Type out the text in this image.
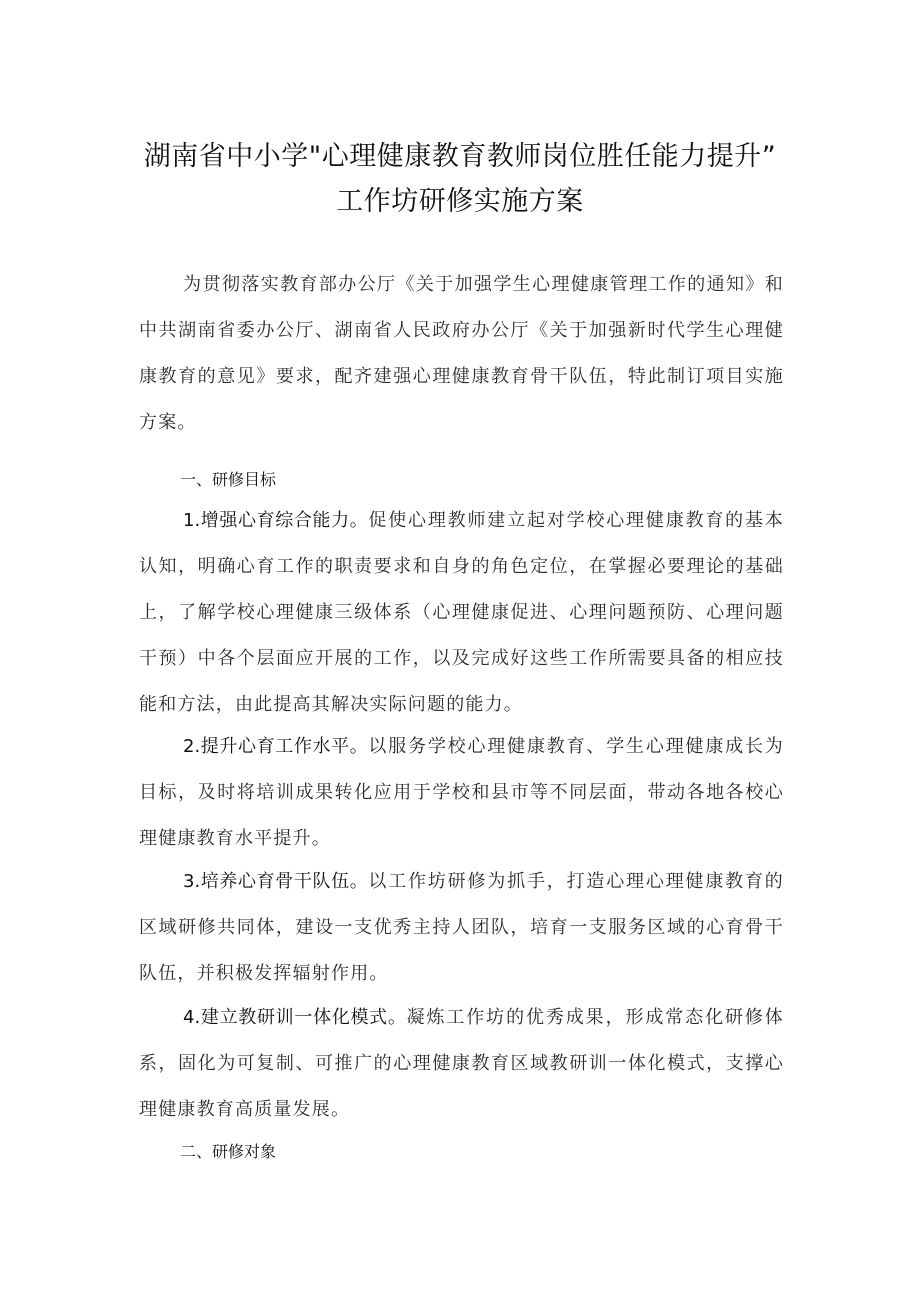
湖南省中小学"心理健康教育教师岗位胜任能力提升”
工作坊研修实施方案

为贯彻落实教育部办公厅《关于加强学生心理健康管理工作的通知》和中共湖南省委办公厅、湖南省人民政府办公厅《关于加强新时代学生心理健康教育的意见》要求，配齐建强心理健康教育骨干队伍，特此制订项目实施方案。

一、研修目标

1.增强心育综合能力。促使心理教师建立起对学校心理健康教育的基本认知，明确心育工作的职责要求和自身的角色定位，在掌握必要理论的基础上，了解学校心理健康三级体系（心理健康促进、心理问题预防、心理问题干预）中各个层面应开展的工作，以及完成好这些工作所需要具备的相应技能和方法，由此提高其解决实际问题的能力。

2.提升心育工作水平。以服务学校心理健康教育、学生心理健康成长为目标，及时将培训成果转化应用于学校和县市等不同层面，带动各地各校心理健康教育水平提升。

3.培养心育骨干队伍。以工作坊研修为抓手，打造心理心理健康教育的区域研修共同体，建设一支优秀主持人团队，培育一支服务区域的心育骨干队伍，并积极发挥辐射作用。

4.建立教研训一体化模式。凝炼工作坊的优秀成果，形成常态化研修体系，固化为可复制、可推广的心理健康教育区域教研训一体化模式，支撑心理健康教育高质量发展。

二、研修对象
